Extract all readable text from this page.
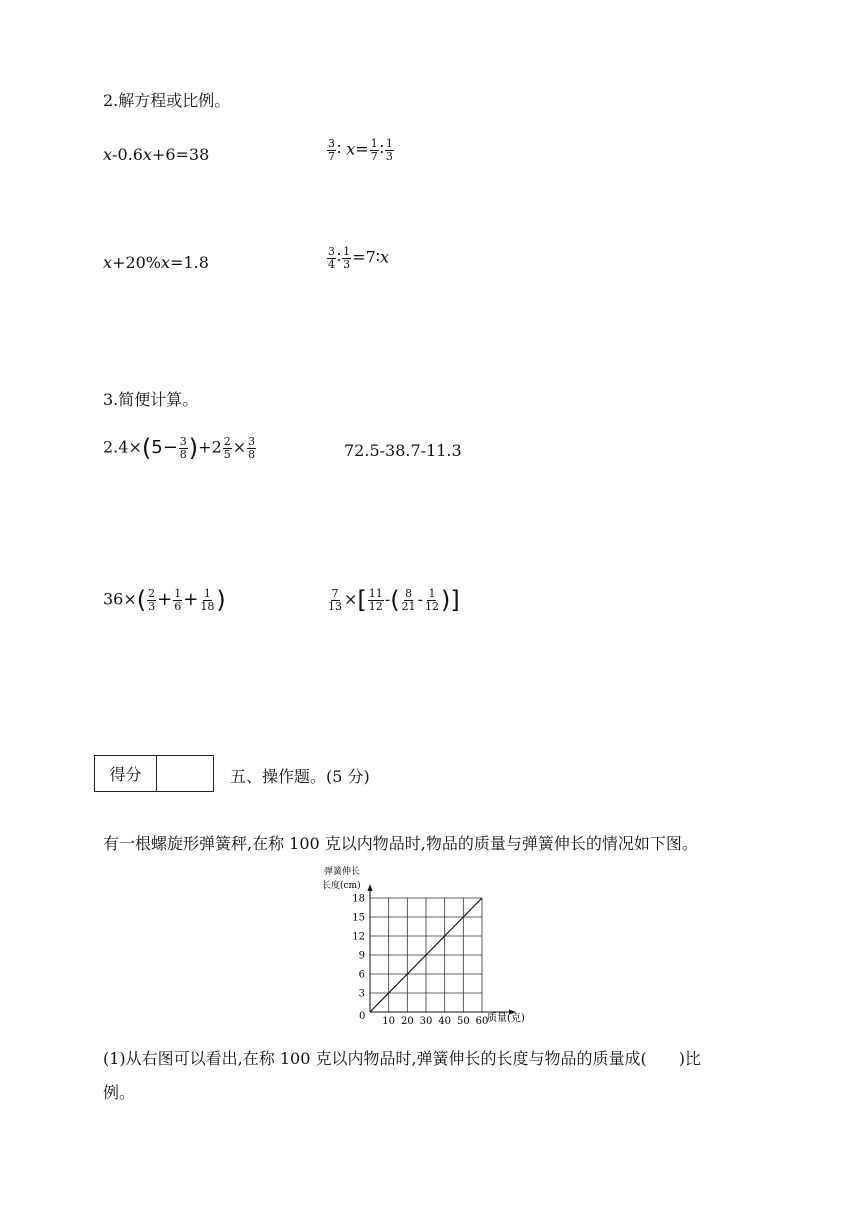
2.解方程或比例。
x-0.6x+6=38	$\frac{3}{7}$ ∶ $x= \frac{1}{7}$ ∶ $\frac{1}{3}$
x+20%x=1.8	$\frac{3}{4}$ ∶ $\frac{1}{3}$ =7∶x
3.简便计算。
$2.4\times(5- \frac{3}{8} )+2 \frac{2}{5} \times \frac{3}{8}$	72.5-38.7-11.3
$36\times( \frac{2}{3} + \frac{1}{6} + \frac{1}{18}$ )	$\frac{7}{13}$ ×[ $\frac{11}{12}$ -( $\frac{8}{21} - \frac{1}{12}$ )]
得分	五、操作题。(5 分)
有一根螺旋形弹簧秤,在称 100 克以内物品时,物品的质量与弹簧伸长的情况如下图。
10 20 30 40 50 60
3
6
9
12
15
18
弹簧伸长
长度(cm)
质量(克)
0
(1)从右图可以看出,在称 100 克以内物品时,弹簧伸长的长度与物品的质量成(　　)比
例。
